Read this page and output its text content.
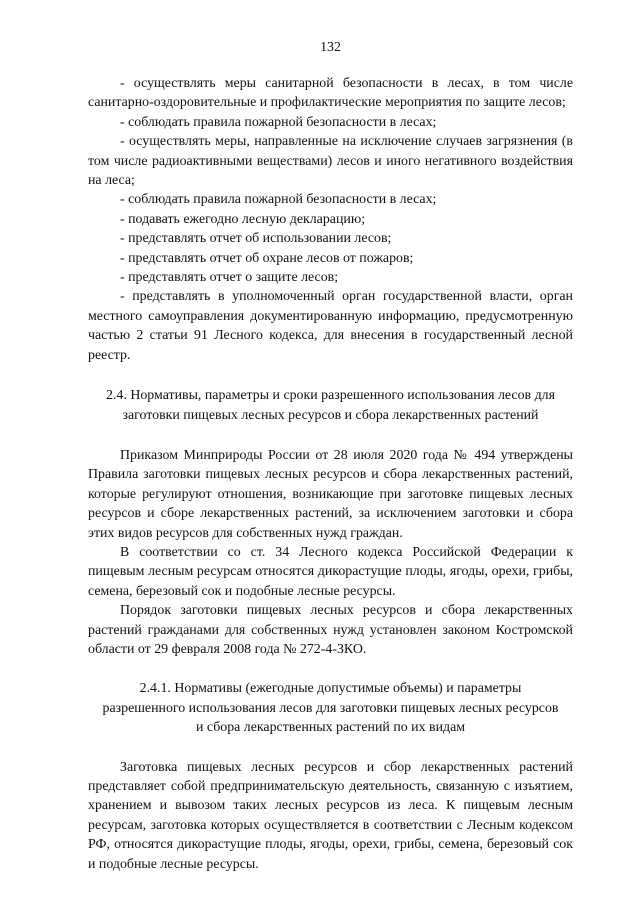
132

- осуществлять меры санитарной безопасности в лесах, в том числе санитарно-оздоровительные и профилактические мероприятия по защите лесов;

- соблюдать правила пожарной безопасности в лесах;

- осуществлять меры, направленные на исключение случаев загрязнения (в том числе радиоактивными веществами) лесов и иного негативного воздействия на леса;

- соблюдать правила пожарной безопасности в лесах;

- подавать ежегодно лесную декларацию;

- представлять отчет об использовании лесов;

- представлять отчет об охране лесов от пожаров;

- представлять отчет о защите лесов;

- представлять в уполномоченный орган государственной власти, орган местного самоуправления документированную информацию, предусмотренную частью 2 статьи 91 Лесного кодекса, для внесения в государственный лесной реестр.

2.4. Нормативы, параметры и сроки разрешенного использования лесов для заготовки пищевых лесных ресурсов и сбора лекарственных растений

Приказом Минприроды России от 28 июля 2020 года № 494 утверждены Правила заготовки пищевых лесных ресурсов и сбора лекарственных растений, которые регулируют отношения, возникающие при заготовке пищевых лесных ресурсов и сборе лекарственных растений, за исключением заготовки и сбора этих видов ресурсов для собственных нужд граждан.

В соответствии со ст. 34 Лесного кодекса Российской Федерации к пищевым лесным ресурсам относятся дикорастущие плоды, ягоды, орехи, грибы, семена, березовый сок и подобные лесные ресурсы.

Порядок заготовки пищевых лесных ресурсов и сбора лекарственных растений гражданами для собственных нужд установлен законом Костромской области от 29 февраля 2008 года № 272-4-ЗКО.

2.4.1. Нормативы (ежегодные допустимые объемы) и параметры разрешенного использования лесов для заготовки пищевых лесных ресурсов и сбора лекарственных растений по их видам

Заготовка пищевых лесных ресурсов и сбор лекарственных растений представляет собой предпринимательскую деятельность, связанную с изъятием, хранением и вывозом таких лесных ресурсов из леса. К пищевым лесным ресурсам, заготовка которых осуществляется в соответствии с Лесным кодексом РФ, относятся дикорастущие плоды, ягоды, орехи, грибы, семена, березовый сок и подобные лесные ресурсы.
